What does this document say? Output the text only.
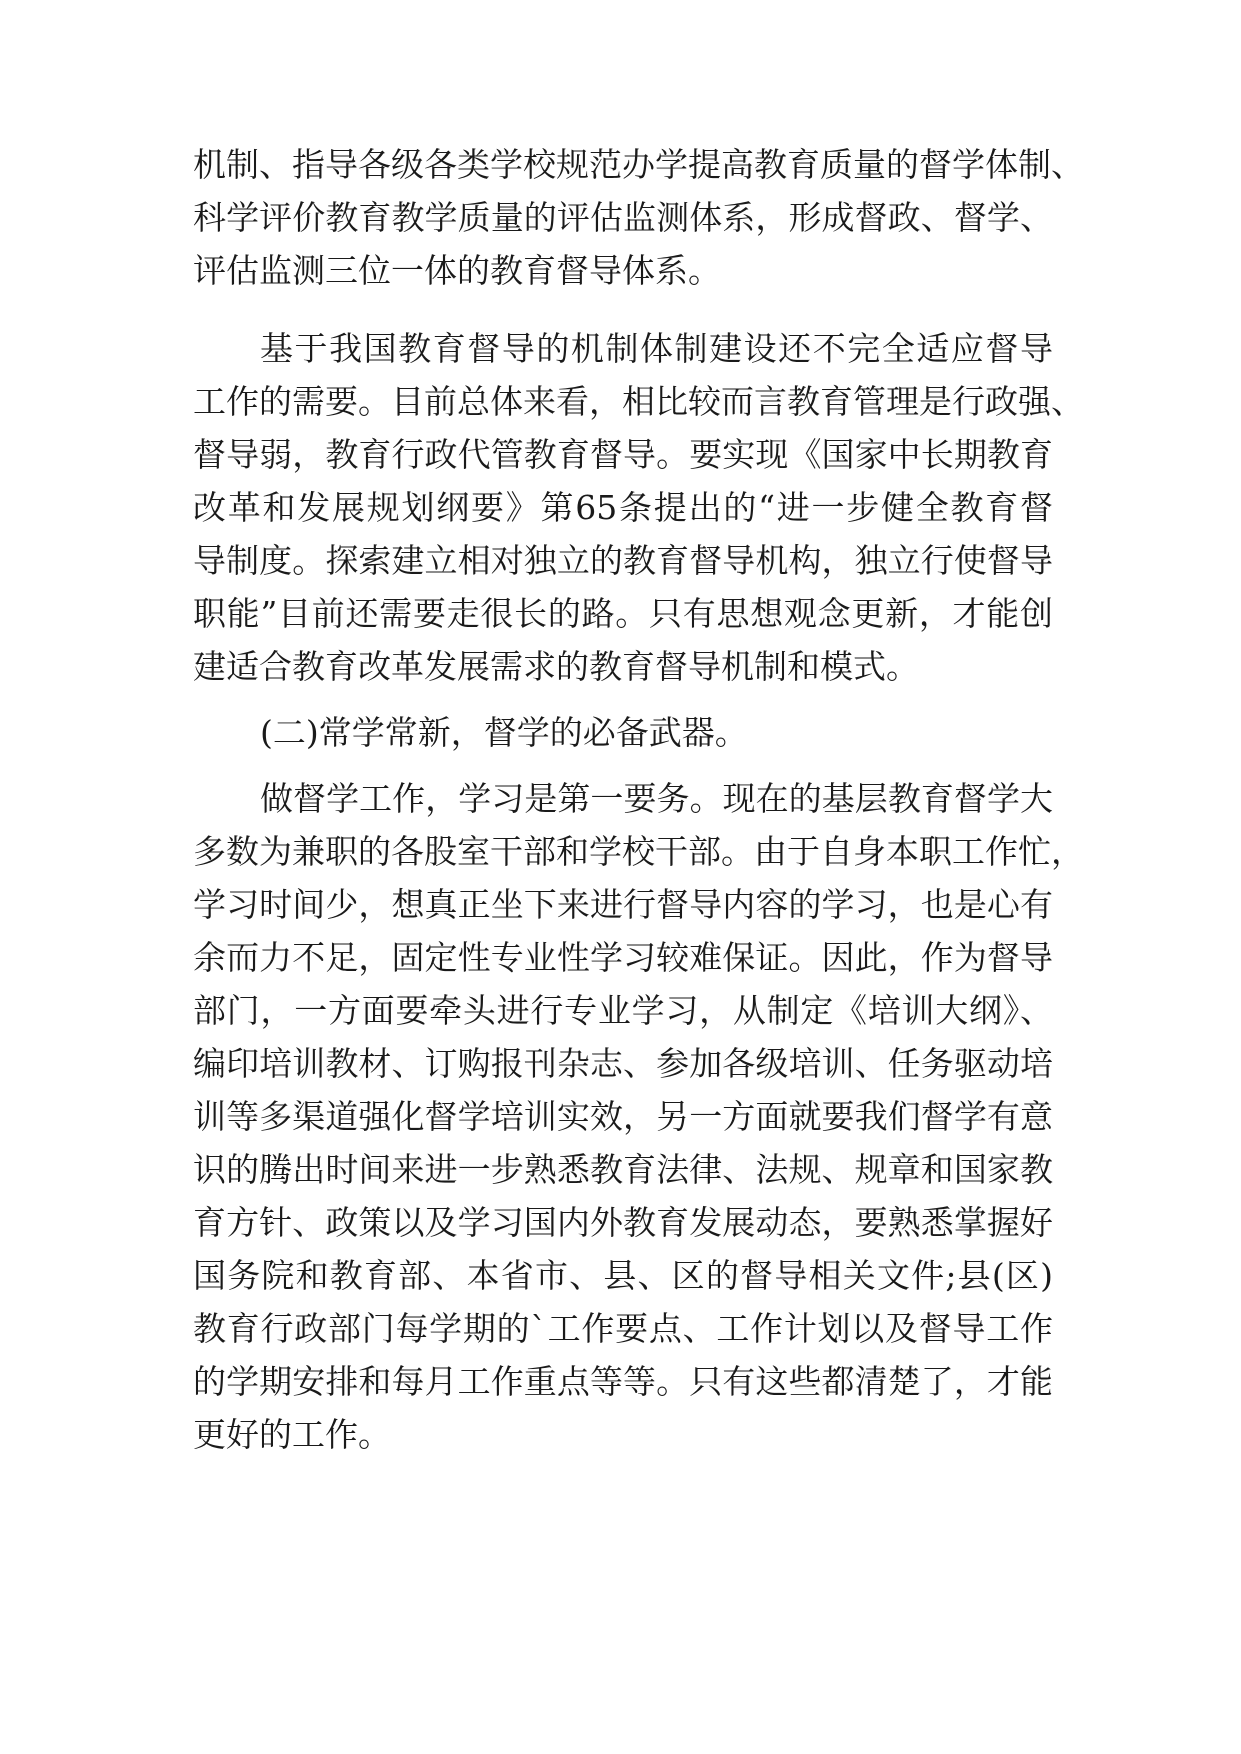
机制、指导各级各类学校规范办学提高教育质量的督学体制、
科学评价教育教学质量的评估监测体系，形成督政、督学、
评估监测三位一体的教育督导体系。
基于我国教育督导的机制体制建设还不完全适应督导
工作的需要。目前总体来看，相比较而言教育管理是行政强、
督导弱，教育行政代管教育督导。要实现《国家中长期教育
改革和发展规划纲要》第65条提出的“进一步健全教育督
导制度。探索建立相对独立的教育督导机构，独立行使督导
职能”目前还需要走很长的路。只有思想观念更新，才能创
建适合教育改革发展需求的教育督导机制和模式。
(二)常学常新，督学的必备武器。
做督学工作，学习是第一要务。现在的基层教育督学大
多数为兼职的各股室干部和学校干部。由于自身本职工作忙，
学习时间少，想真正坐下来进行督导内容的学习，也是心有
余而力不足，固定性专业性学习较难保证。因此，作为督导
部门，一方面要牵头进行专业学习，从制定《培训大纲》、
编印培训教材、订购报刊杂志、参加各级培训、任务驱动培
训等多渠道强化督学培训实效，另一方面就要我们督学有意
识的腾出时间来进一步熟悉教育法律、法规、规章和国家教
育方针、政策以及学习国内外教育发展动态，要熟悉掌握好
国务院和教育部、本省市、县、区的督导相关文件;县(区)
教育行政部门每学期的`工作要点、工作计划以及督导工作
的学期安排和每月工作重点等等。只有这些都清楚了，才能
更好的工作。
